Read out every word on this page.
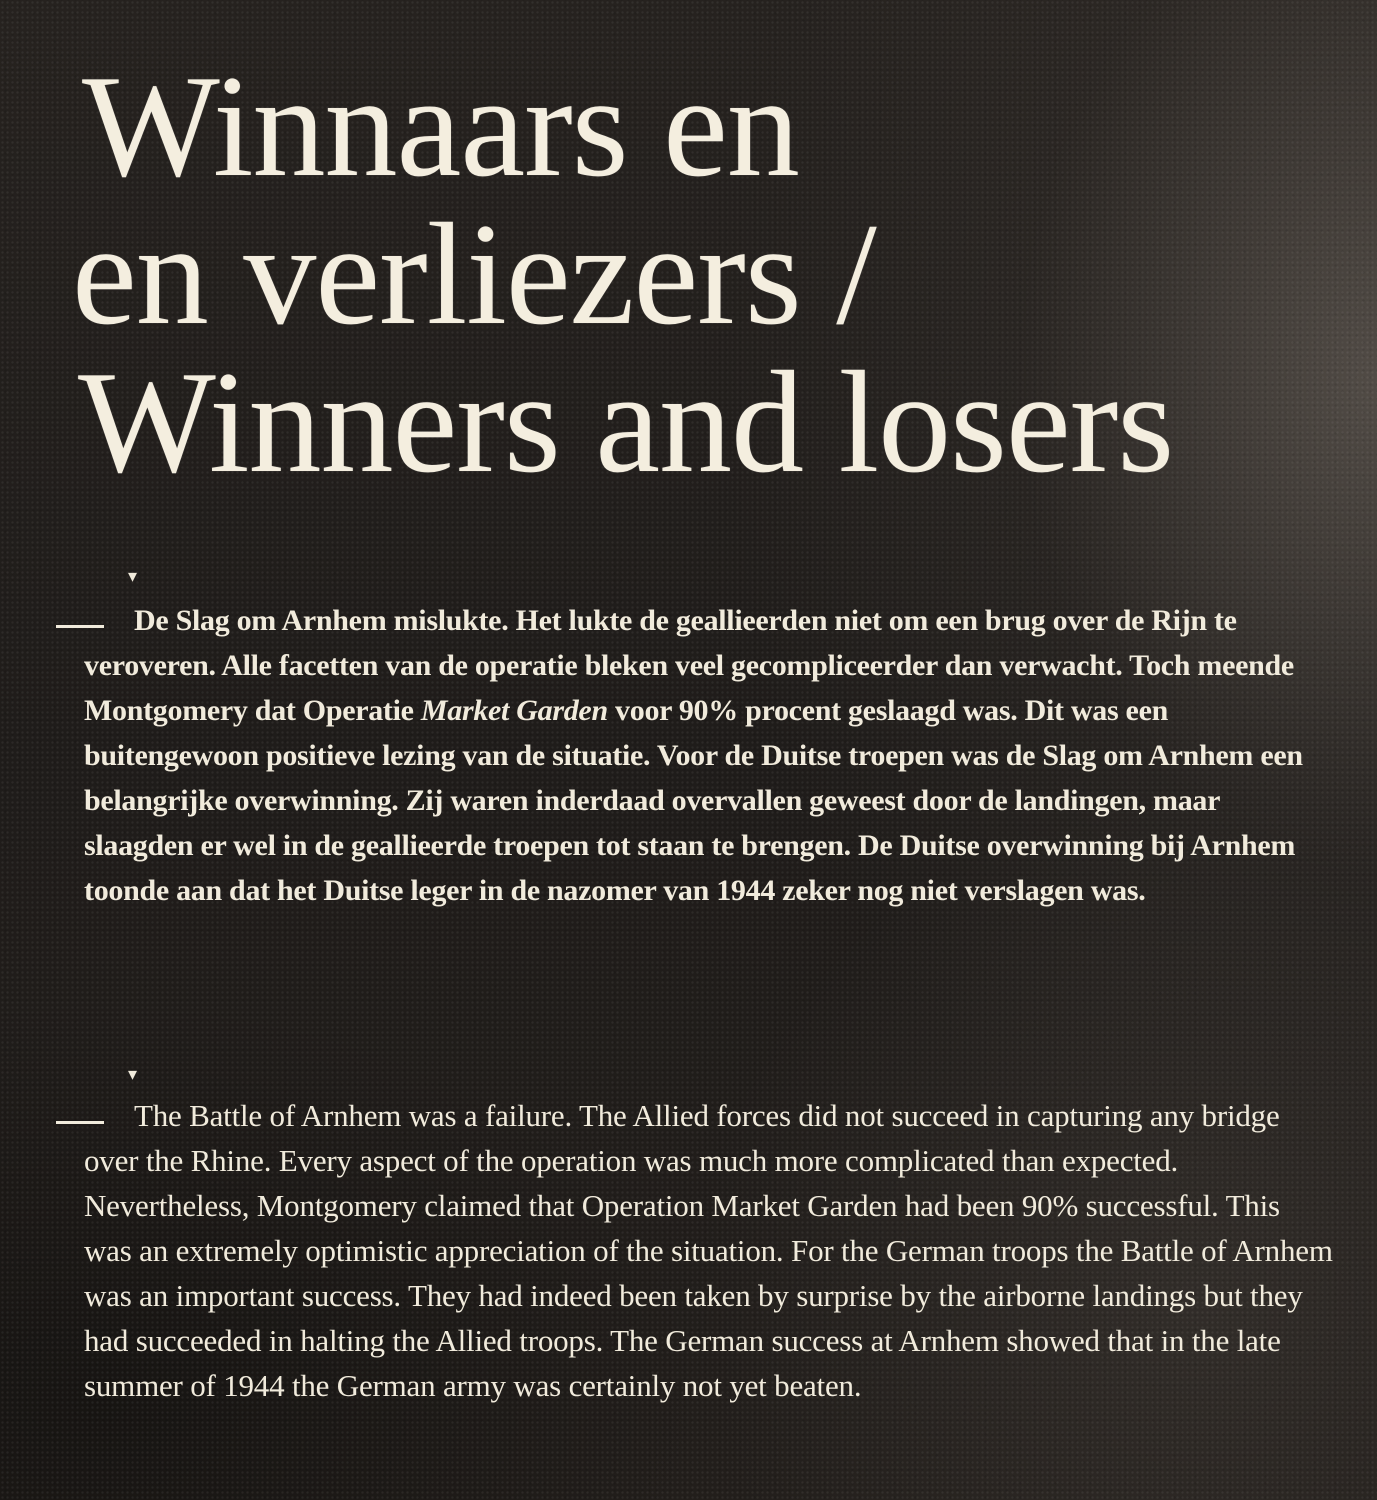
Winnaars en
en verliezers /
Winners and losers
▾

De Slag om Arnhem mislukte. Het lukte de geallieerden niet om een brug over de Rijn te veroveren. Alle facetten van de operatie bleken veel gecompliceerder dan verwacht. Toch meende Montgomery dat Operatie Market Garden voor 90% procent geslaagd was. Dit was een buitengewoon positieve lezing van de situatie. Voor de Duitse troepen was de Slag om Arnhem een belangrijke overwinning. Zij waren inderdaad overvallen geweest door de landingen, maar slaagden er wel in de geallieerde troepen tot staan te brengen. De Duitse overwinning bij Arnhem toonde aan dat het Duitse leger in de nazomer van 1944 zeker nog niet verslagen was.

▾

The Battle of Arnhem was a failure. The Allied forces did not succeed in capturing any bridge over the Rhine. Every aspect of the operation was much more complicated than expected. Nevertheless, Montgomery claimed that Operation Market Garden had been 90% successful. This was an extremely optimistic appreciation of the situation. For the German troops the Battle of Arnhem was an important success. They had indeed been taken by surprise by the airborne landings but they had succeeded in halting the Allied troops. The German success at Arnhem showed that in the late summer of 1944 the German army was certainly not yet beaten.
